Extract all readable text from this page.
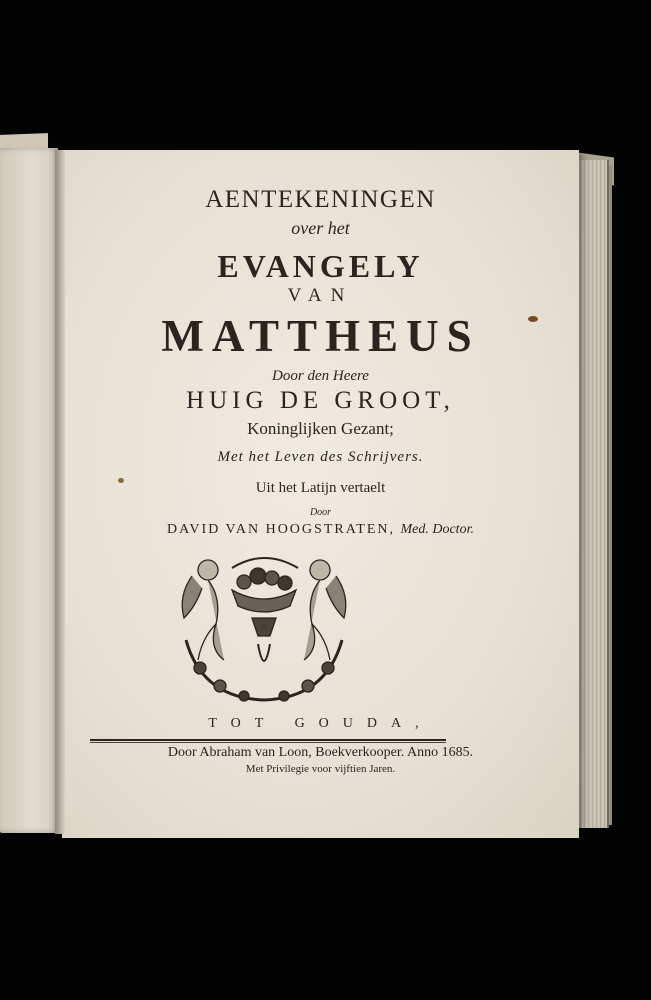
AENTEKENINGEN
over het
EVANGELY
VAN
MATTHEUS
Door den Heere
HUIG DE GROOT,
Koninglijken Gezant;
Met het Leven des Schrijvers.
Uit het Latijn vertaelt
Door
DAVID VAN HOOGSTRATEN, Med. Doctor.
TOT GOUDA,
Door Abraham van Loon, Boekverkooper. Anno 1685.
Met Privilegie voor vijftien Jaren.
